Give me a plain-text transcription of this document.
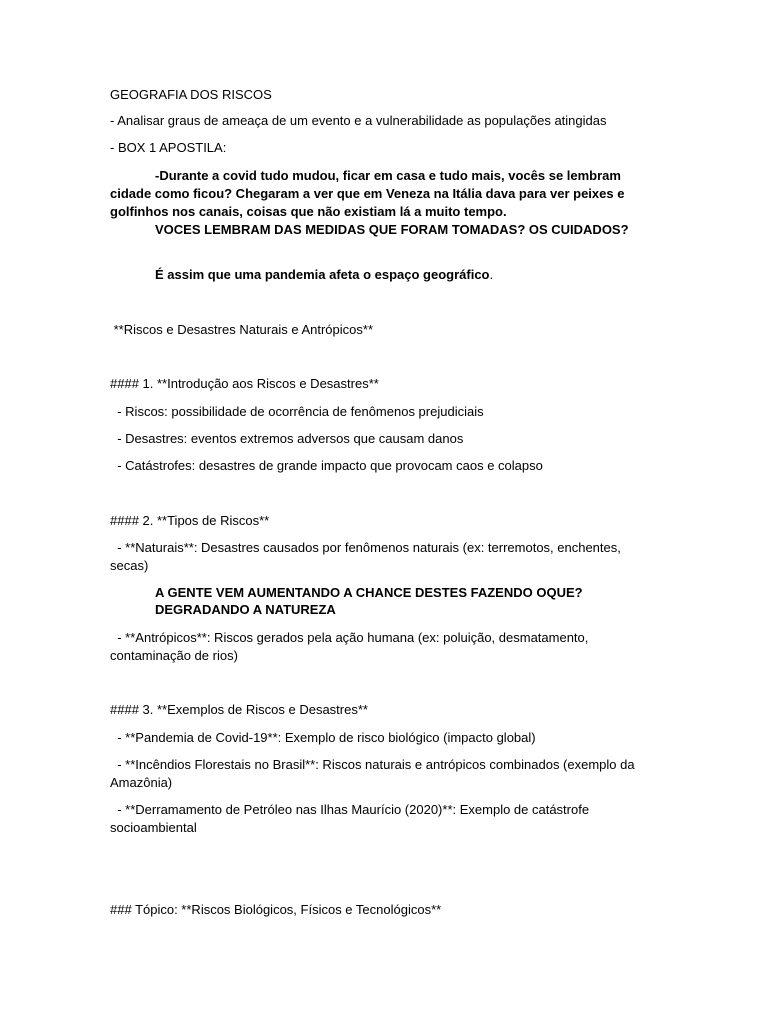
GEOGRAFIA DOS RISCOS
- Analisar graus de ameaça de um evento e a vulnerabilidade as populações atingidas
- BOX 1 APOSTILA:
-Durante a covid tudo mudou, ficar em casa e tudo mais, vocês se lembram cidade como ficou? Chegaram a ver que em Veneza na Itália dava para ver peixes e golfinhos nos canais, coisas que não existiam lá a muito tempo.
VOCES LEMBRAM DAS MEDIDAS QUE FORAM TOMADAS? OS CUIDADOS?
É assim que uma pandemia afeta o espaço geográfico.
**Riscos e Desastres Naturais e Antrópicos**
#### 1. **Introdução aos Riscos e Desastres**
- Riscos: possibilidade de ocorrência de fenômenos prejudiciais
- Desastres: eventos extremos adversos que causam danos
- Catástrofes: desastres de grande impacto que provocam caos e colapso
#### 2. **Tipos de Riscos**
- **Naturais**: Desastres causados por fenômenos naturais (ex: terremotos, enchentes, secas)
A GENTE VEM AUMENTANDO A CHANCE DESTES FAZENDO OQUE?
DEGRADANDO A NATUREZA
- **Antrópicos**: Riscos gerados pela ação humana (ex: poluição, desmatamento, contaminação de rios)
#### 3. **Exemplos de Riscos e Desastres**
- **Pandemia de Covid-19**: Exemplo de risco biológico (impacto global)
- **Incêndios Florestais no Brasil**: Riscos naturais e antrópicos combinados (exemplo da Amazônia)
- **Derramamento de Petróleo nas Ilhas Maurício (2020)**: Exemplo de catástrofe socioambiental
### Tópico: **Riscos Biológicos, Físicos e Tecnológicos**
